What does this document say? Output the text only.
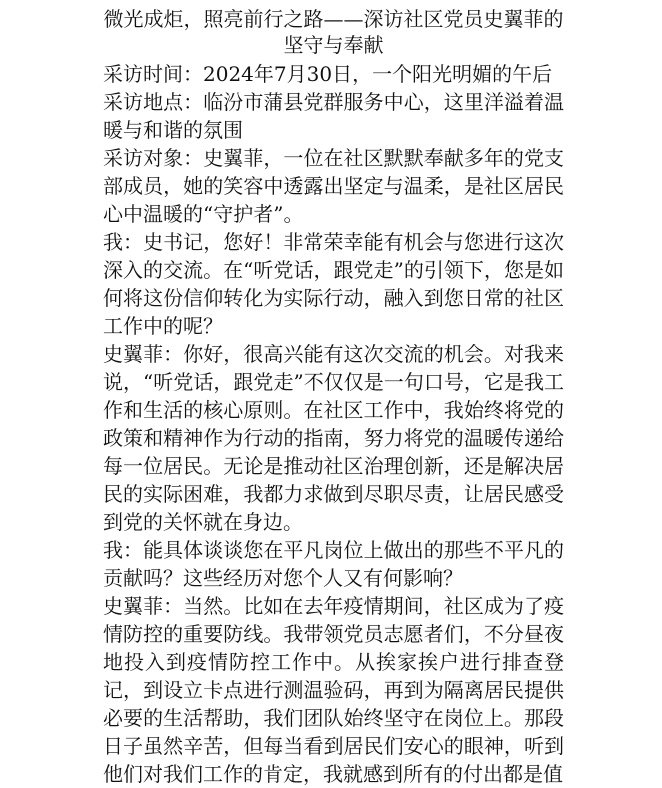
微光成炬，照亮前行之路——深访社区党员史翼菲的坚守与奉献

采访时间：2024年7月30日，一个阳光明媚的午后

采访地点：临汾市蒲县党群服务中心，这里洋溢着温暖与和谐的氛围

采访对象：史翼菲，一位在社区默默奉献多年的党支部成员，她的笑容中透露出坚定与温柔，是社区居民心中温暖的“守护者”。

我：史书记，您好！非常荣幸能有机会与您进行这次深入的交流。在“听党话，跟党走”的引领下，您是如何将这份信仰转化为实际行动，融入到您日常的社区工作中的呢？

史翼菲：你好，很高兴能有这次交流的机会。对我来说，“听党话，跟党走”不仅仅是一句口号，它是我工作和生活的核心原则。在社区工作中，我始终将党的政策和精神作为行动的指南，努力将党的温暖传递给每一位居民。无论是推动社区治理创新，还是解决居民的实际困难，我都力求做到尽职尽责，让居民感受到党的关怀就在身边。

我：能具体谈谈您在平凡岗位上做出的那些不平凡的贡献吗？这些经历对您个人又有何影响？

史翼菲：当然。比如在去年疫情期间，社区成为了疫情防控的重要防线。我带领党员志愿者们，不分昼夜地投入到疫情防控工作中。从挨家挨户进行排查登记，到设立卡点进行测温验码，再到为隔离居民提供必要的生活帮助，我们团队始终坚守在岗位上。那段日子虽然辛苦，但每当看到居民们安心的眼神，听到他们对我们工作的肯定，我就感到所有的付出都是值
